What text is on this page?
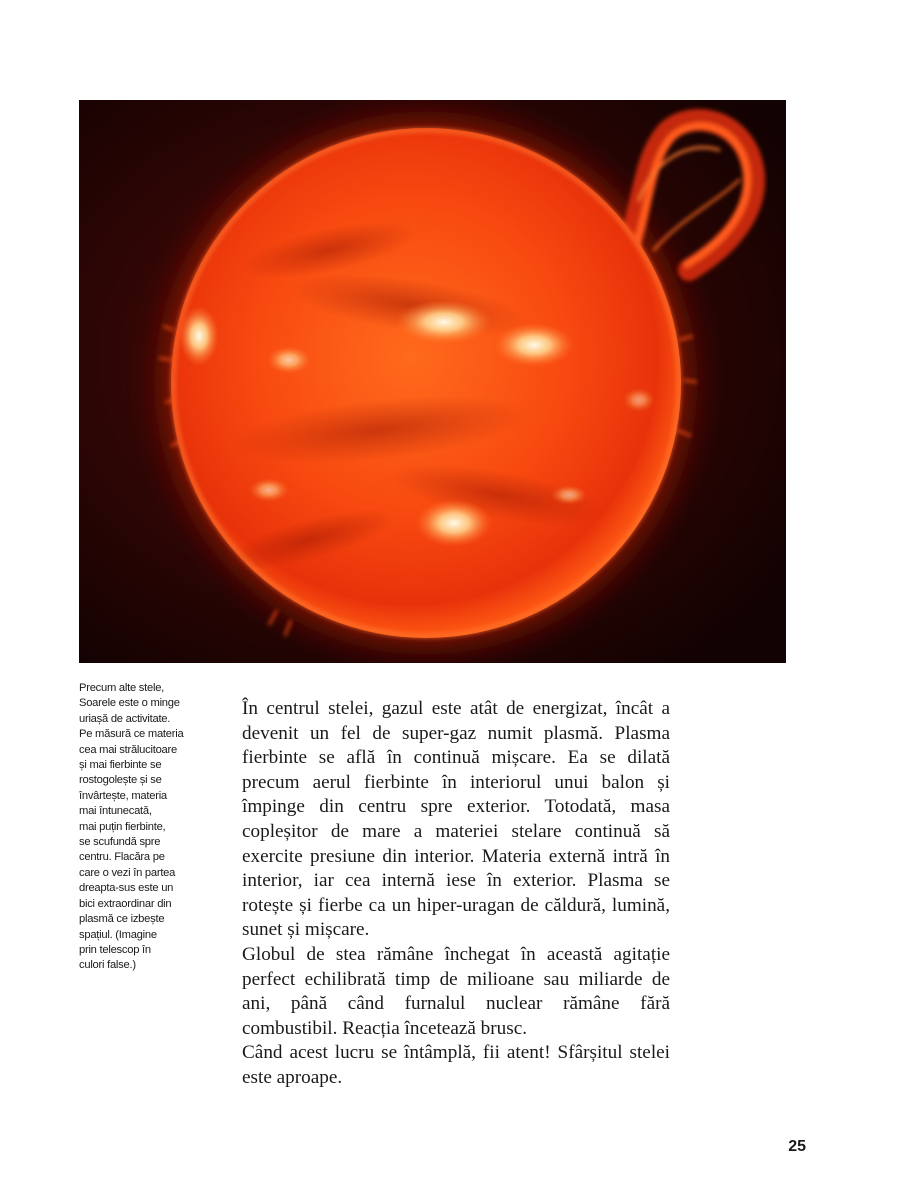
Precum alte stele,
Soarele este o minge
uriașă de activitate.
Pe măsură ce materia
cea mai strălucitoare
și mai fierbinte se
rostogolește și se
învârtește, materia
mai întunecată,
mai puțin fierbinte,
se scufundă spre
centru. Flacăra pe
care o vezi în partea
dreapta-sus este un
bici extraordinar din
plasmă ce izbește
spațiul. (Imagine
prin telescop în
culori false.)

În centrul stelei, gazul este atât de energizat, încât a devenit un fel de super-gaz numit plasmă. Plasma fierbinte se află în continuă mișcare. Ea se dilată precum aerul fierbinte în interiorul unui balon și împinge din centru spre exterior. Totodată, masa copleșitor de mare a materiei stelare continuă să exercite presiune din interior. Materia externă intră în interior, iar cea internă iese în exterior. Plasma se rotește și fierbe ca un hiper-uragan de căldură, lumină, sunet și mișcare.

Globul de stea rămâne închegat în această agitație perfect echilibrată timp de milioane sau miliarde de ani, până când furnalul nuclear rămâne fără combustibil. Reacția încetează brusc.

Când acest lucru se întâmplă, fii atent! Sfârșitul stelei este aproape.

25
